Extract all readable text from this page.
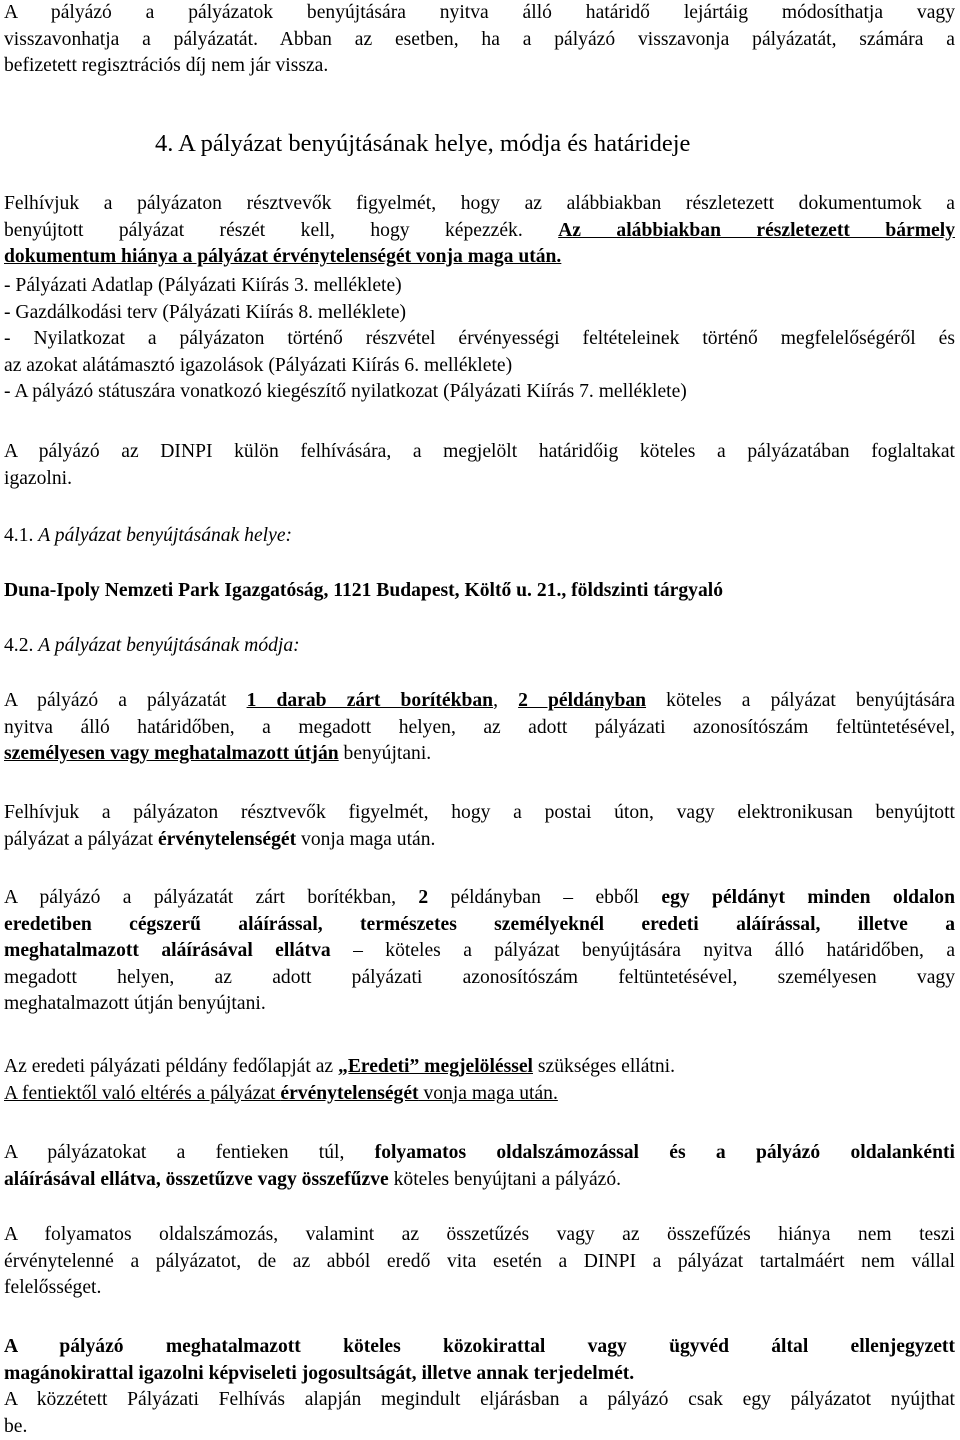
A pályázó a pályázatok benyújtására nyitva álló határidő lejártáig módosíthatja vagy
visszavonhatja a pályázatát. Abban az esetben, ha a pályázó visszavonja pályázatát, számára a
befizetett regisztrációs díj nem jár vissza.

4. A pályázat benyújtásának helye, módja és határideje

Felhívjuk a pályázaton résztvevők figyelmét, hogy az alábbiakban részletezett dokumentumok a
benyújtott pályázat részét kell, hogy képezzék. Az alábbiakban részletezett bármely
dokumentum hiánya a pályázat érvénytelenségét vonja maga után.

- Pályázati Adatlap (Pályázati Kiírás 3. melléklete)
- Gazdálkodási terv (Pályázati Kiírás 8. melléklete)
- Nyilatkozat a pályázaton történő részvétel érvényességi feltételeinek történő megfelelőségéről és
az azokat alátámasztó igazolások (Pályázati Kiírás 6. melléklete)
- A pályázó státuszára vonatkozó kiegészítő nyilatkozat (Pályázati Kiírás 7. melléklete)

A pályázó az DINPI külön felhívására, a megjelölt határidőig köteles a pályázatában foglaltakat
igazolni.

4.1. A pályázat benyújtásának helye:
Duna-Ipoly Nemzeti Park Igazgatóság, 1121 Budapest, Költő u. 21., földszinti tárgyaló
4.2. A pályázat benyújtásának módja:

A pályázó a pályázatát 1 darab zárt borítékban, 2 példányban köteles a pályázat benyújtására
nyitva álló határidőben, a megadott helyen, az adott pályázati azonosítószám feltüntetésével,
személyesen vagy meghatalmazott útján benyújtani.

Felhívjuk a pályázaton résztvevők figyelmét, hogy a postai úton, vagy elektronikusan benyújtott
pályázat a pályázat érvénytelenségét vonja maga után.

A pályázó a pályázatát zárt borítékban, 2 példányban – ebből egy példányt minden oldalon
eredetiben cégszerű aláírással, természetes személyeknél eredeti aláírással, illetve a
meghatalmazott aláírásával ellátva – köteles a pályázat benyújtására nyitva álló határidőben, a
megadott helyen, az adott pályázati azonosítószám feltüntetésével, személyesen vagy
meghatalmazott útján benyújtani.

Az eredeti pályázati példány fedőlapját az „Eredeti” megjelöléssel szükséges ellátni.
A fentiektől való eltérés a pályázat érvénytelenségét vonja maga után.

A pályázatokat a fentieken túl, folyamatos oldalszámozással és a pályázó oldalankénti
aláírásával ellátva, összetűzve vagy összefűzve köteles benyújtani a pályázó.

A folyamatos oldalszámozás, valamint az összetűzés vagy az összefűzés hiánya nem teszi
érvénytelenné a pályázatot, de az abból eredő vita esetén a DINPI a pályázat tartalmáért nem vállal
felelősséget.

A pályázó meghatalmazott köteles közokirattal vagy ügyvéd által ellenjegyzett
magánokirattal igazolni képviseleti jogosultságát, illetve annak terjedelmét.
A közzétett Pályázati Felhívás alapján megindult eljárásban a pályázó csak egy pályázatot nyújthat
be.
